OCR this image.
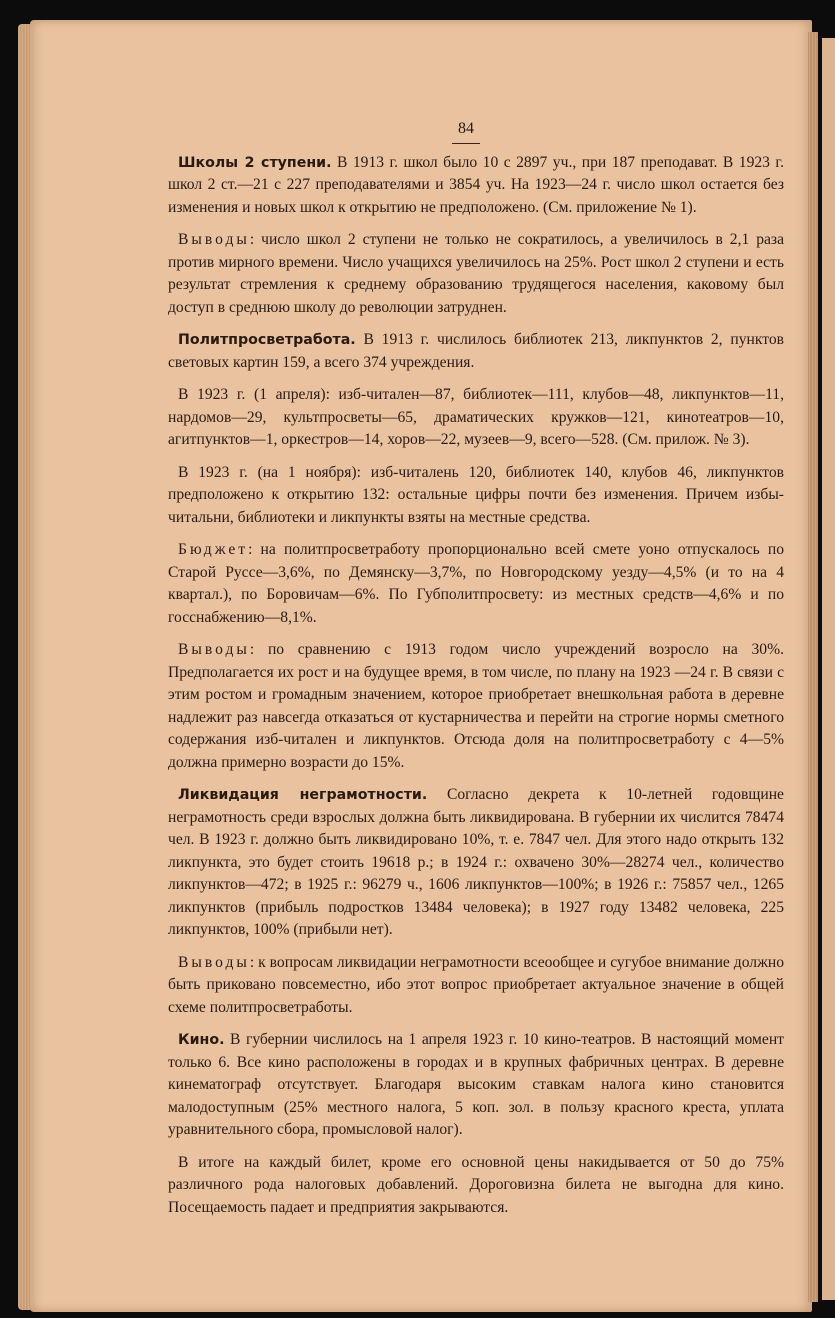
84

Школы 2 ступени. В 1913 г. школ было 10 с 2897 уч., при 187 преподават. В 1923 г. школ 2 ст.—21 с 227 преподавателями и 3854 уч. На 1923—24 г. число школ остается без изменения и новых школ к открытию не предположено. (См. приложение № 1).

Выводы: число школ 2 ступени не только не сократилось, а увеличилось в 2,1 раза против мирного времени. Число учащихся увеличилось на 25%. Рост школ 2 ступени и есть результат стремления к среднему образованию трудящегося населения, каковому был доступ в среднюю школу до революции затруднен.

Политпросветработа. В 1913 г. числилось библиотек 213, ликпунктов 2, пунктов световых картин 159, а всего 374 учреждения.

В 1923 г. (1 апреля): изб-читален—87, библиотек—111, клубов—48, ликпунктов—11, нардомов—29, культпросветы—65, драматических кружков—121, кинотеатров—10, агитпунктов—1, оркестров—14, хоров—22, музеев—9, всего—528. (См. прилож. № 3).

В 1923 г. (на 1 ноября): изб-читалень 120, библиотек 140, клубов 46, ликпунктов предположено к открытию 132: остальные цифры почти без изменения. Причем избы-читальни, библиотеки и ликпункты взяты на местные средства.

Бюджет: на политпросветработу пропорционально всей смете уоно отпускалось по Старой Руссе—3,6%, по Демянску—3,7%, по Новгородскому уезду—4,5% (и то на 4 квартал.), по Боровичам—6%. По Губполитпросвету: из местных средств—4,6% и по госснабжению—8,1%.

Выводы: по сравнению с 1913 годом число учреждений возросло на 30%. Предполагается их рост и на будущее время, в том числе, по плану на 1923 —24 г. В связи с этим ростом и громадным значением, которое приобретает внешкольная работа в деревне надлежит раз навсегда отказаться от кустарничества и перейти на строгие нормы сметного содержания изб-читален и ликпунктов. Отсюда доля на политпросветработу с 4—5% должна примерно возрасти до 15%.

Ликвидация неграмотности. Согласно декрета к 10-летней годовщине неграмотность среди взрослых должна быть ликвидирована. В губернии их числится 78474 чел. В 1923 г. должно быть ликвидировано 10%, т. е. 7847 чел. Для этого надо открыть 132 ликпункта, это будет стоить 19618 р.; в 1924 г.: охвачено 30%—28274 чел., количество ликпунктов—472; в 1925 г.: 96279 ч., 1606 ликпунктов—100%; в 1926 г.: 75857 чел., 1265 ликпунктов (прибыль подростков 13484 человека); в 1927 году 13482 человека, 225 ликпунктов, 100% (прибыли нет).

Выводы: к вопросам ликвидации неграмотности всеообщее и сугубое внимание должно быть приковано повсеместно, ибо этот вопрос приобретает актуальное значение в общей схеме политпросветработы.

Кино. В губернии числилось на 1 апреля 1923 г. 10 кино-театров. В настоящий момент только 6. Все кино расположены в городах и в крупных фабричных центрах. В деревне кинематограф отсутствует. Благодаря высоким ставкам налога кино становится малодоступным (25% местного налога, 5 коп. зол. в пользу красного креста, уплата уравнительного сбора, промысловой налог).

В итоге на каждый билет, кроме его основной цены накидывается от 50 до 75% различного рода налоговых добавлений. Дороговизна билета не выгодна для кино. Посещаемость падает и предприятия закрываются.
